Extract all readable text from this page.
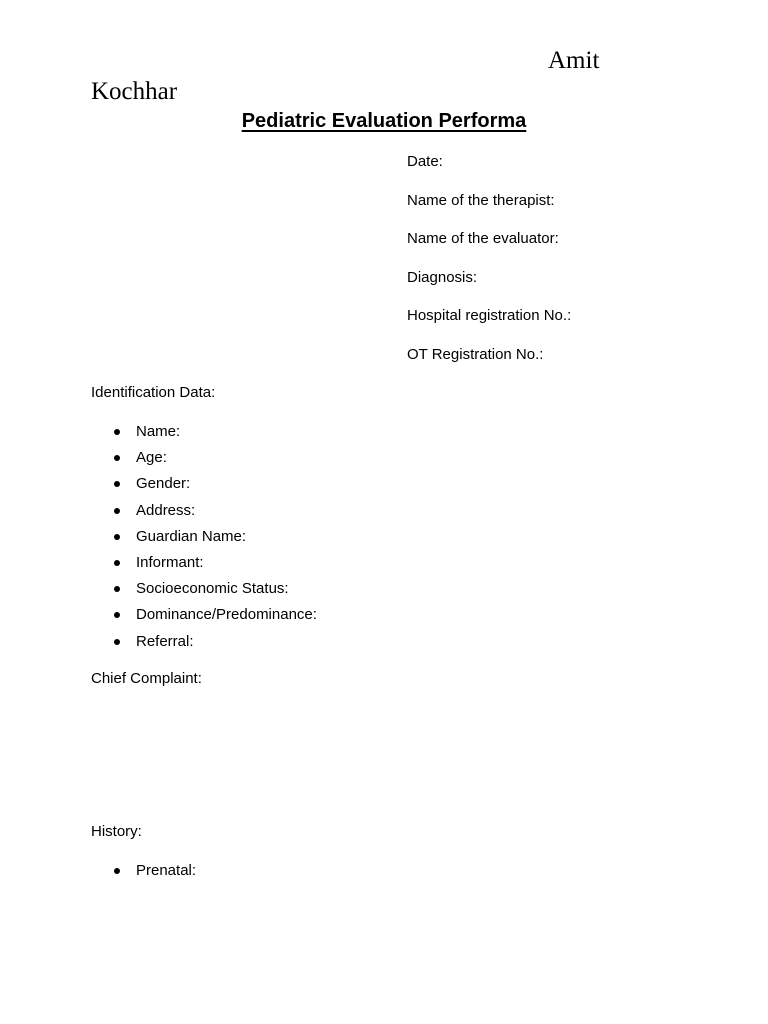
Amit
Kochhar
Pediatric Evaluation Performa
Date:
Name of the therapist:
Name of the evaluator:
Diagnosis:
Hospital registration No.:
OT Registration No.:
Identification Data:
Name:
Age:
Gender:
Address:
Guardian Name:
Informant:
Socioeconomic Status:
Dominance/Predominance:
Referral:
Chief Complaint:
History:
Prenatal:
